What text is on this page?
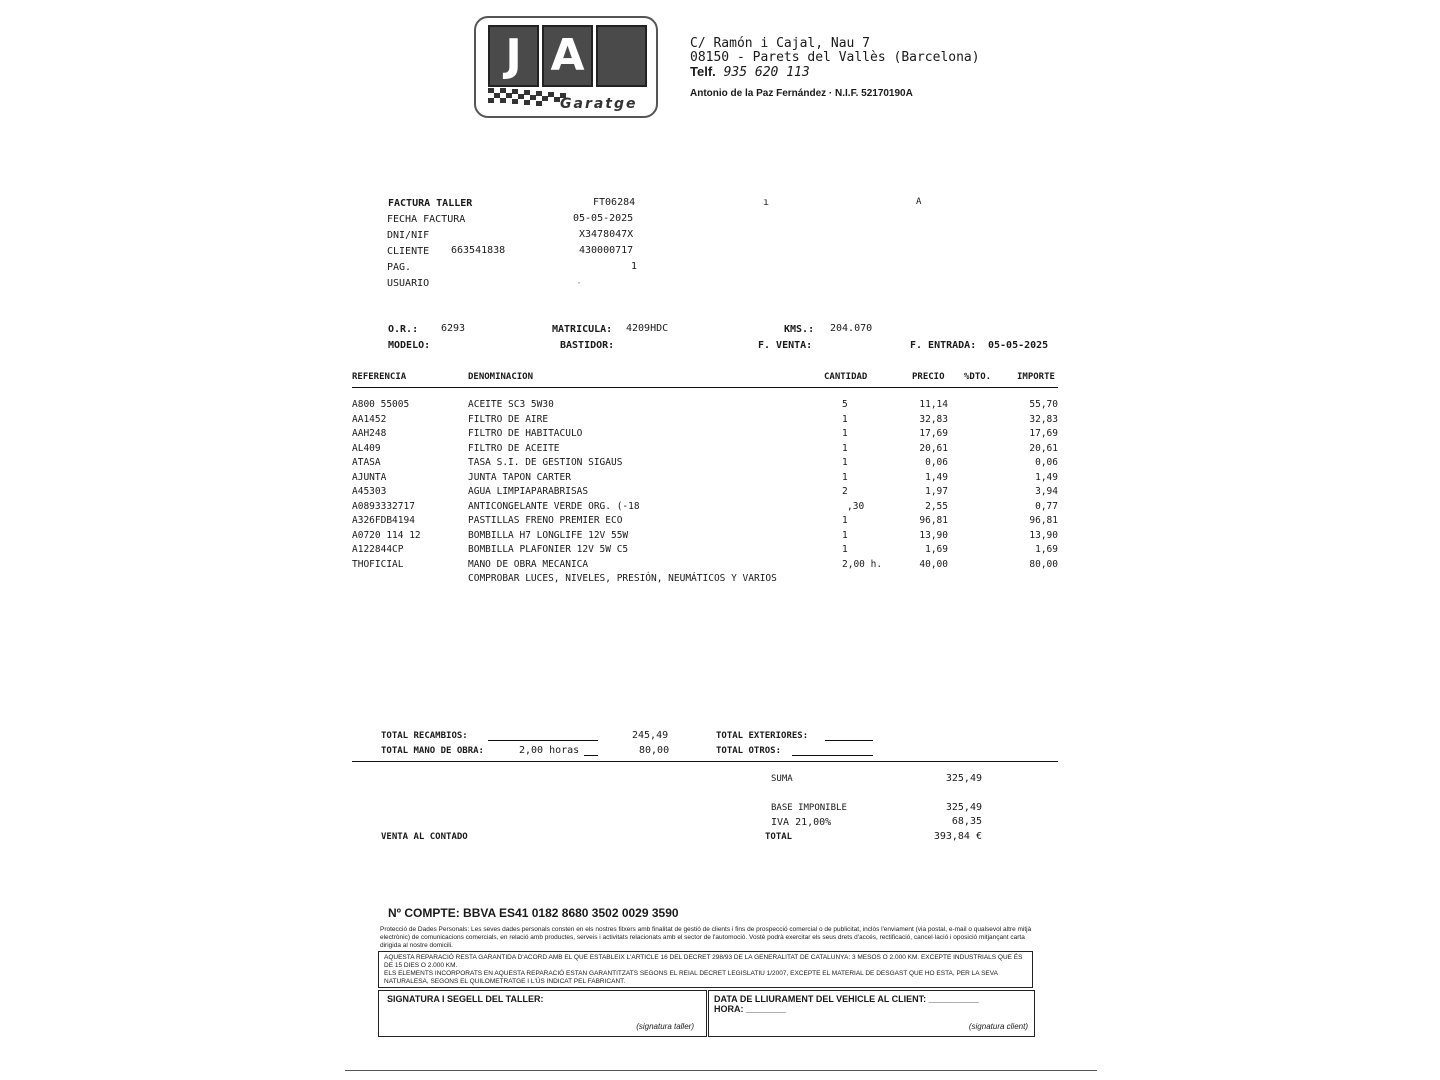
J A
Garatge
C/ Ramón i Cajal, Nau 7
08150 - Parets del Vallès (Barcelona)
Telf. 935 620 113
Antonio de la Paz Fernández · N.I.F. 52170190A
FACTURA TALLER	FT06284
FECHA FACTURA	05-05-2025
DNI/NIF	X3478047X
CLIENTE 663541838	430000717
PAG.	1
USUARIO	·
ı	A
O.R.: 6293	MATRICULA: 4209HDC	KMS.: 204.070
MODELO:	BASTIDOR:	F. VENTA:	F. ENTRADA: 05-05-2025
REFERENCIA	DENOMINACION	CANTIDAD	PRECIO %DTO.	IMPORTE
A800 55005	ACEITE SC3 5W30	5	11,14	55,70
AA1452	FILTRO DE AIRE	1	32,83	32,83
AAH248	FILTRO DE HABITACULO	1	17,69	17,69
AL409	FILTRO DE ACEITE	1	20,61	20,61
ATASA	TASA S.I. DE GESTION SIGAUS	1	0,06	0,06
AJUNTA	JUNTA TAPON CARTER	1	1,49	1,49
A45303	AGUA LIMPIAPARABRISAS	2	1,97	3,94
A0893332717	ANTICONGELANTE VERDE ORG. (-18	,30	2,55	0,77
A326FDB4194	PASTILLAS FRENO PREMIER ECO	1	96,81	96,81
A0720 114 12	BOMBILLA H7 LONGLIFE 12V 55W	1	13,90	13,90
A122844CP	BOMBILLA PLAFONIER 12V 5W C5	1	1,69	1,69
THOFICIAL	MANO DE OBRA MECANICA	2,00 h.	40,00	80,00
COMPROBAR LUCES, NIVELES, PRESIÓN, NEUMÁTICOS Y VARIOS
TOTAL RECAMBIOS:	245,49
TOTAL MANO DE OBRA:	2,00 horas	80,00
TOTAL EXTERIORES:
TOTAL OTROS:
SUMA	325,49
BASE IMPONIBLE	325,49
IVA 21,00%	68,35
TOTAL	393,84 €
VENTA AL CONTADO
Nº COMPTE: BBVA ES41 0182 8680 3502 0029 3590
Protecció de Dades Personals: Les seves dades personals consten en els nostres fitxers amb finalitat de gestió de clients i fins de prospecció comercial o de publicitat, inclòs l'enviament (via postal, e-mail o qualsevol altre mitjà electrònic) de comunicacions comercials, en relació amb productes, serveis i activitats relacionats amb el sector de l'automoció. Vostè podrà exercitar els seus drets d'accés, rectificació, cancel·lació i oposició mitjançant carta dirigida al nostre domicili.
AQUESTA REPARACIÓ RESTA GARANTIDA D'ACORD AMB EL QUE ESTABLEIX L'ARTICLE 16 DEL DECRET 298/93 DE LA GENERALITAT DE CATALUNYA: 3 MESOS O 2.000 KM. EXCEPTE INDUSTRIALS QUE ÉS DE 15 DIES O 2.000 KM.
ELS ELEMENTS INCORPORATS EN AQUESTA REPARACIÓ ESTAN GARANTITZATS SEGONS EL REIAL DECRET LEGISLATIU 1/2007, EXCEPTE EL MATERIAL DE DESGAST QUE HO ESTA, PER LA SEVA NATURALESA, SEGONS EL QUILOMETRATGE I L'ÚS INDICAT PEL FABRICANT.
SIGNATURA I SEGELL DEL TALLER:
(signatura taller)
DATA DE LLIURAMENT DEL VEHICLE AL CLIENT: __________
HORA: ________
(signatura client)
